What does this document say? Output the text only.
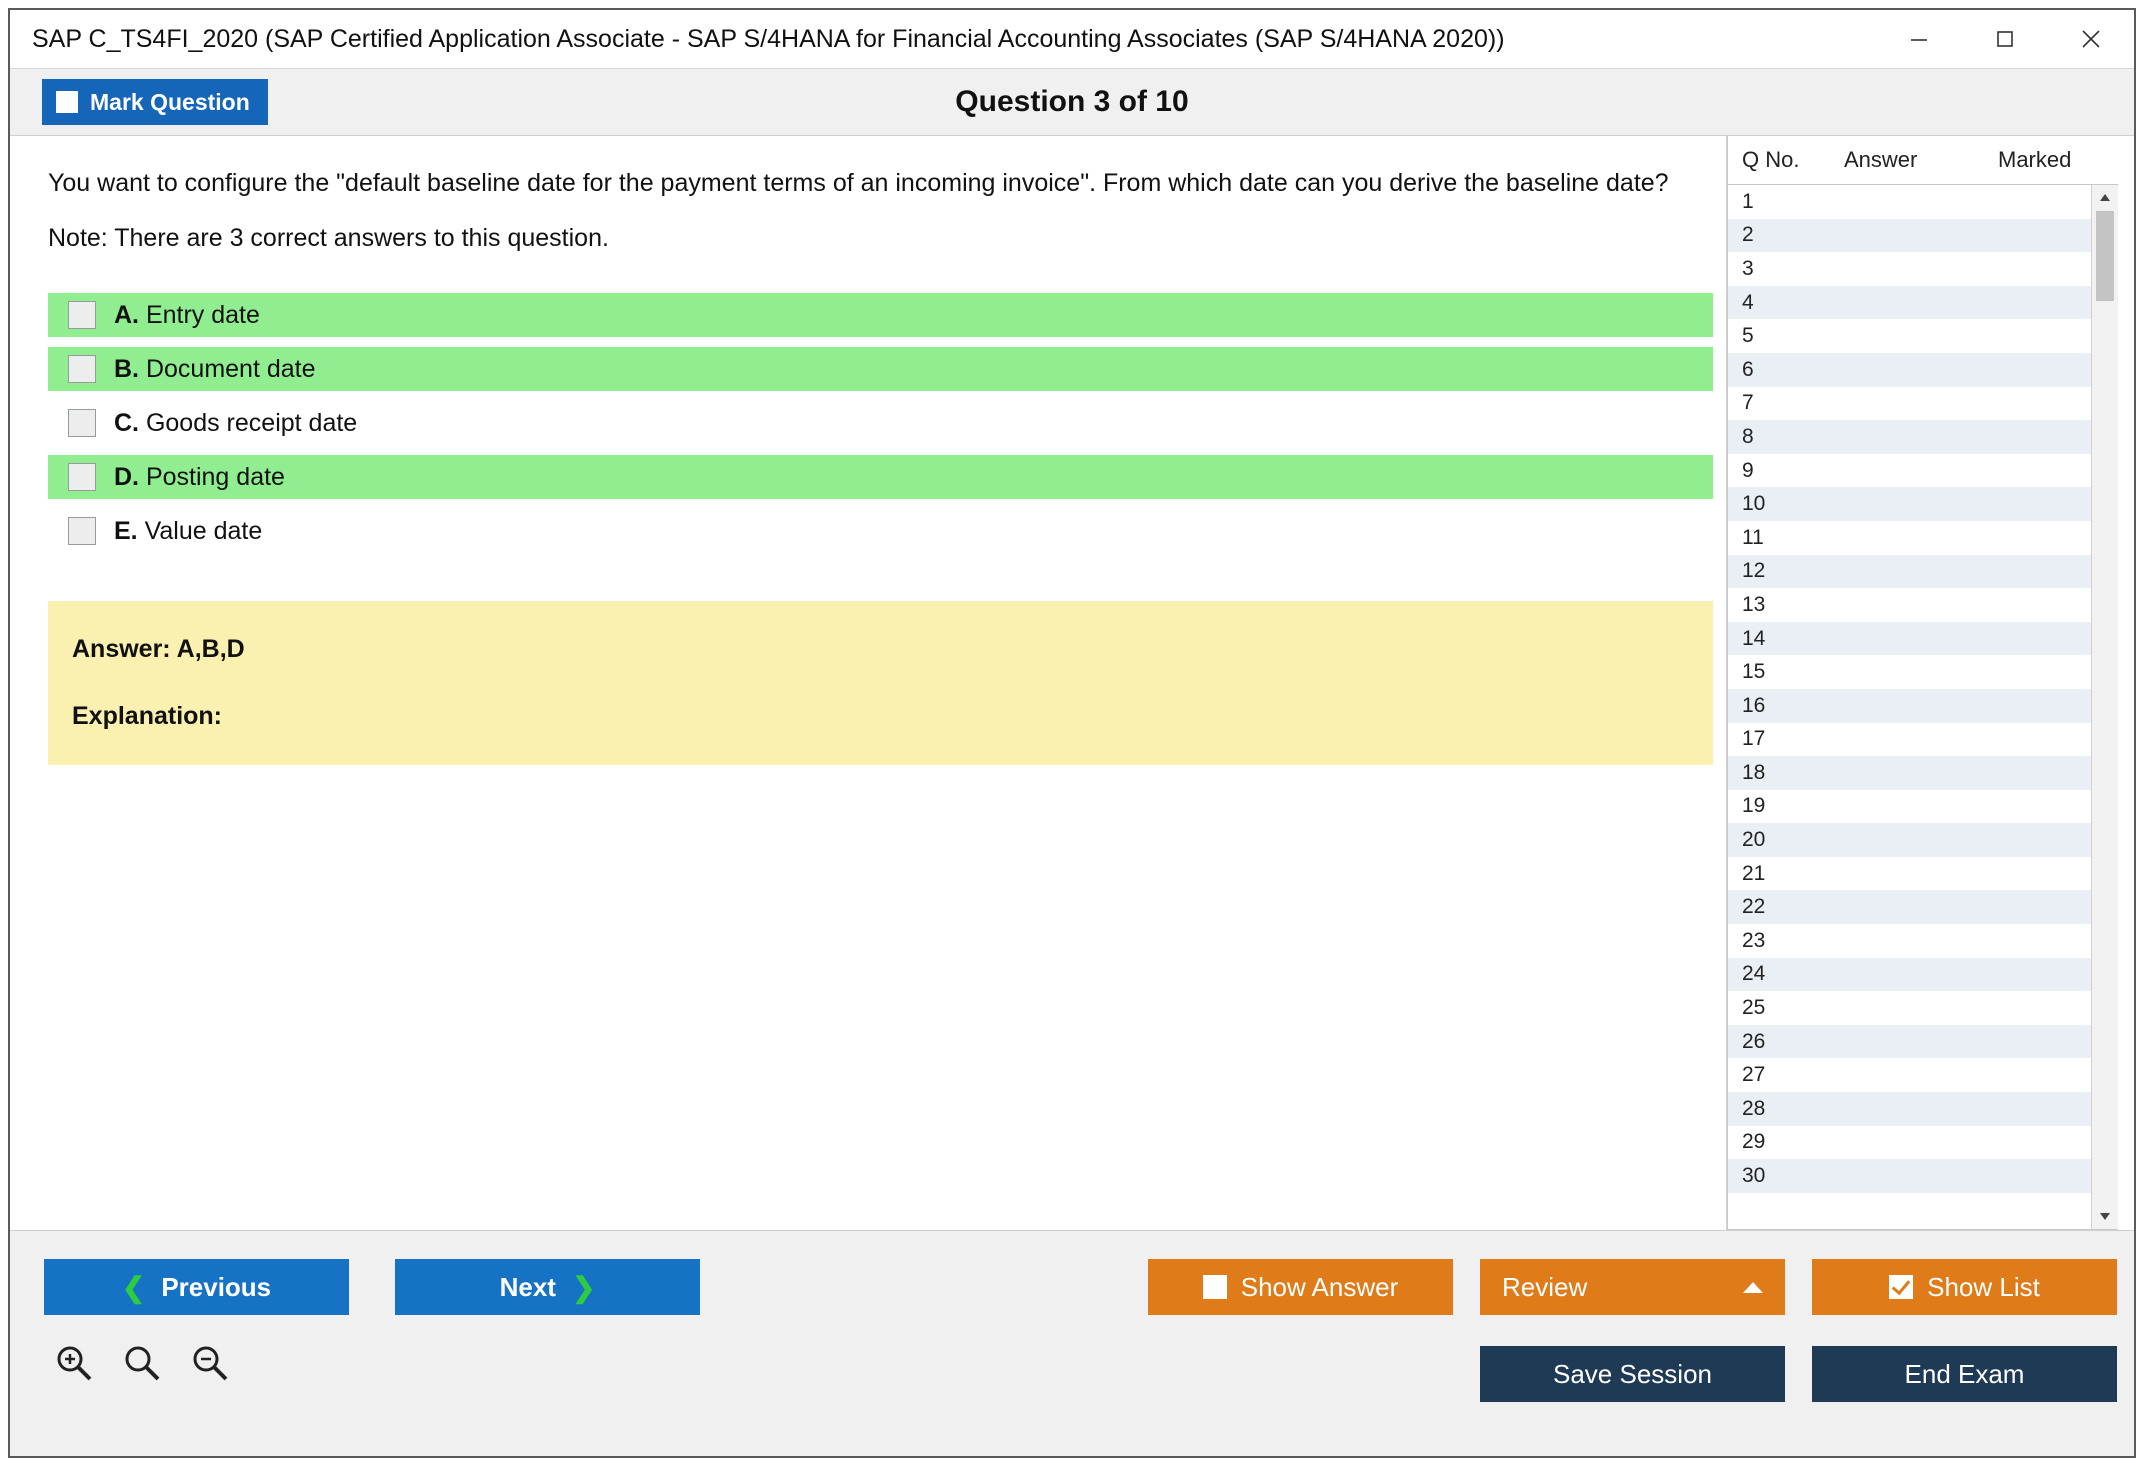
SAP C_TS4FI_2020 (SAP Certified Application Associate - SAP S/4HANA for Financial Accounting Associates (SAP S/4HANA 2020))
Mark Question	Question 3 of 10
You want to configure the "default baseline date for the payment terms of an incoming invoice". From which date can you derive the baseline date?
Note: There are 3 correct answers to this question.
A. Entry date
B. Document date
C. Goods receipt date
D. Posting date
E. Value date
Answer: A,B,D
Explanation:
Q No.	Answer	Marked
1
2
3
4
5
6
7
8
9
10
11
12
13
14
15
16
17
18
19
20
21
22
23
24
25
26
27
28
29
30
❮ Previous	Next ❯	Show Answer	Review	Show List
Save Session	End Exam
